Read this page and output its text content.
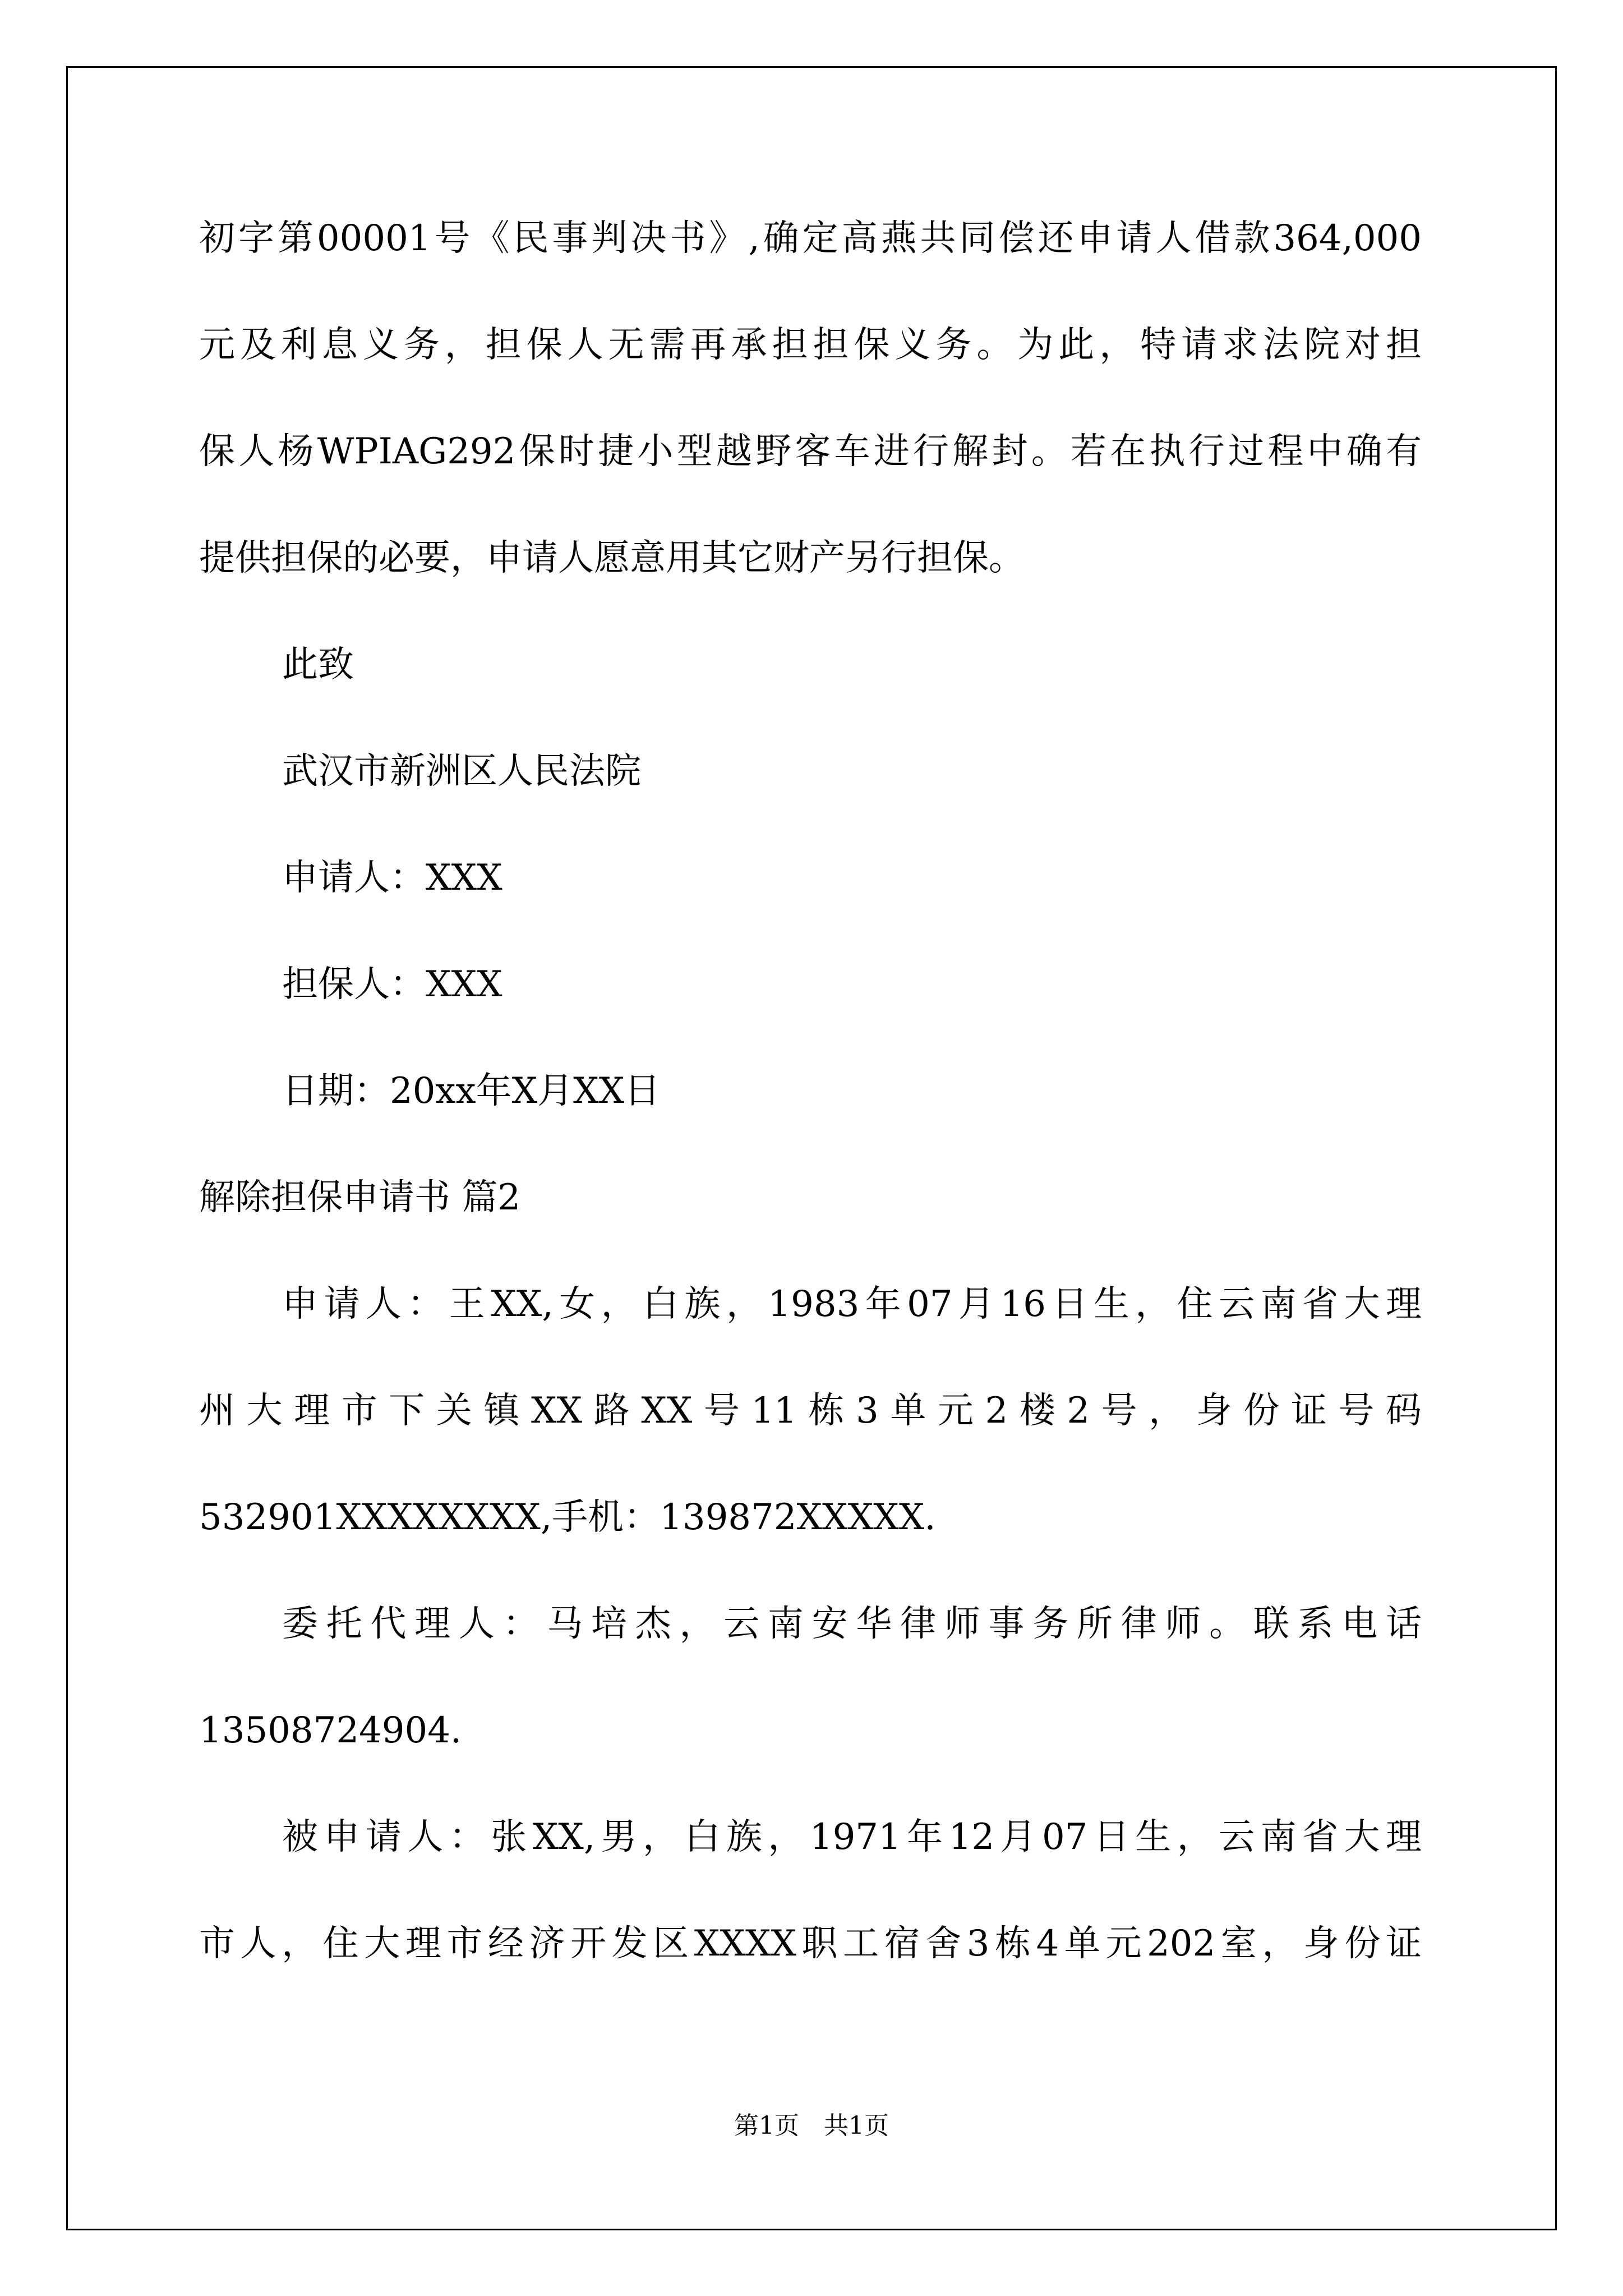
初字第00001号《民事判决书》,确定高燕共同偿还申请人借款364,000
元及利息义务，担保人无需再承担担保义务。为此，特请求法院对担
保人杨WPIAG292保时捷小型越野客车进行解封。若在执行过程中确有
提供担保的必要，申请人愿意用其它财产另行担保。
此致
武汉市新洲区人民法院
申请人：XXX
担保人：XXX
日期：20xx年X月XX日
解除担保申请书 篇2
申请人：王XX,女，白族，1983年07月16日生，住云南省大理
州大理市下关镇XX路XX号11栋3单元2楼2号，身份证号码
532901XXXXXXXX,手机：139872XXXXX.
委托代理人：马培杰，云南安华律师事务所律师。联系电话
13508724904.
被申请人：张XX,男，白族，1971年12月07日生，云南省大理
市人，住大理市经济开发区XXXX职工宿舍3栋4单元202室，身份证
第1页　共1页
